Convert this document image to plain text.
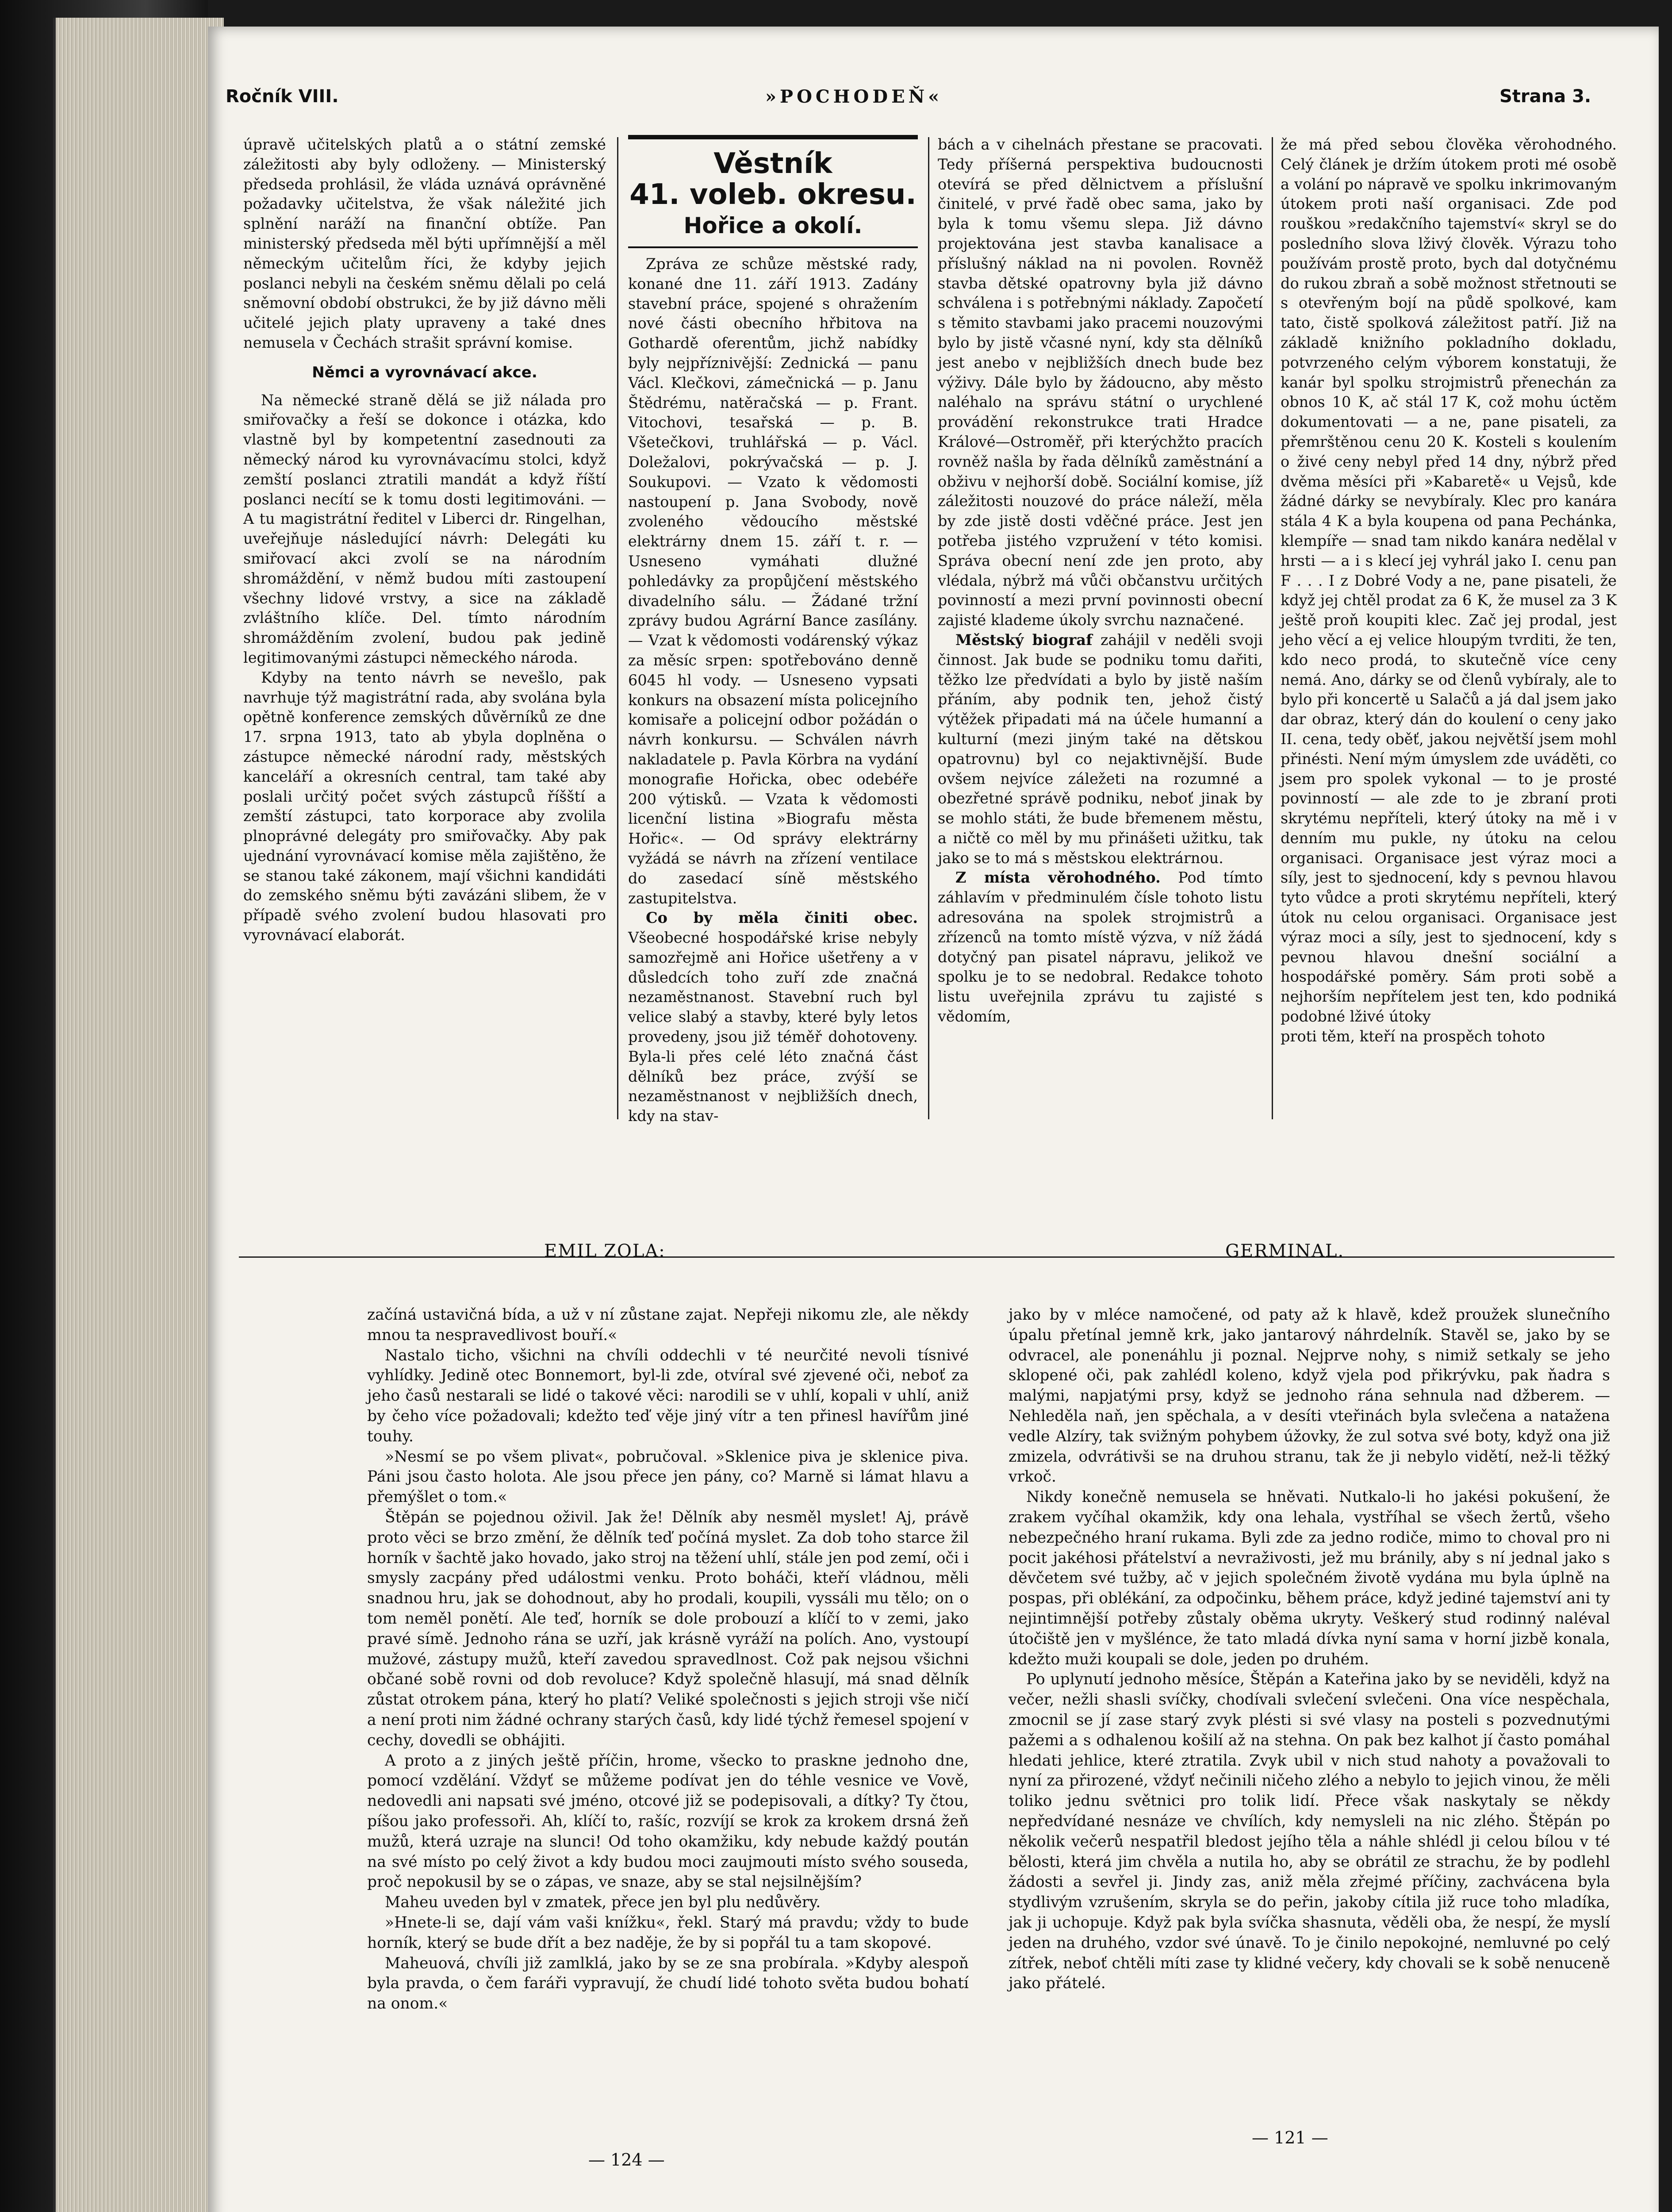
Ročník VIII.	»POCHODEŇ«	Strana 3.

úpravě učitelských platů a o státní zemské záležitosti aby byly odloženy. — Ministerský předseda prohlásil, že vláda uznává oprávněné požadavky učitelstva, že však náležité jich splnění naráží na finanční obtíže. Pan ministerský předseda měl býti upřímnější a měl německým učitelům říci, že kdyby jejich poslanci nebyli na českém sněmu dělali po celá sněmovní období obstrukci, že by již dávno měli učitelé jejich platy upraveny a také dnes nemusela v Čechách strašit správní komise.

Němci a vyrovnávací akce.

Na německé straně dělá se již nálada pro smiřovačky a řeší se dokonce i otázka, kdo vlastně byl by kompetentní zasednouti za německý národ ku vyrovnávacímu stolci, když zemští poslanci ztratili mandát a když říští poslanci necítí se k tomu dosti legitimováni. — A tu magistrátní ředitel v Liberci dr. Ringelhan, uveřejňuje následující návrh: Delegáti ku smiřovací akci zvolí se na národním shromáždění, v němž budou míti zastoupení všechny lidové vrstvy, a sice na základě zvláštního klíče. Del. tímto národním shromážděním zvolení, budou pak jedině legitimovanými zástupci německého národa.

Kdyby na tento návrh se nevešlo, pak navrhuje týž magistrátní rada, aby svolána byla opětně konference zemských důvěrníků ze dne 17. srpna 1913, tato ab ybyla doplněna o zástupce německé národní rady, městských kanceláří a okresních central, tam také aby poslali určitý počet svých zástupců říšští a zemští zástupci, tato korporace aby zvolila plnoprávné delegáty pro smiřovačky. Aby pak ujednání vyrovnávací komise měla zajištěno, že se stanou také zákonem, mají všichni kandidáti do zemského sněmu býti zavázáni slibem, že v případě svého zvolení budou hlasovati pro vyrovnávací elaborát.

Věstník
41. voleb. okresu.
Hořice a okolí.

Zpráva ze schůze městské rady, konané dne 11. září 1913. Zadány stavební práce, spojené s ohražením nové části obecního hřbitova na Gothardě oferentům, jichž nabídky byly nejpříznivější: Zednická — panu Václ. Klečkovi, zámečnická — p. Janu Štědrému, natěračská — p. Frant. Vitochovi, tesařská — p. B. Všetečkovi, truhlářská — p. Václ. Doležalovi, pokrývačská — p. J. Soukupovi. — Vzato k vědomosti nastoupení p. Jana Svobody, nově zvoleného vědoucího městské elektrárny dnem 15. září t. r. — Usneseno vymáhati dlužné pohledávky za propůjčení městského divadelního sálu. — Žádané tržní zprávy budou Agrární Bance zasílány. — Vzat k vědomosti vodárenský výkaz za měsíc srpen: spotřebováno denně 6045 hl vody. — Usneseno vypsati konkurs na obsazení místa policejního komisaře a policejní odbor požádán o návrh konkursu. — Schválen návrh nakladatele p. Pavla Körbra na vydání monografie Hořicka, obec odebéře 200 výtisků. — Vzata k vědomosti licenční listina »Biografu města Hořic«. — Od správy elektrárny vyžádá se návrh na zřízení ventilace do zasedací síně městského zastupitelstva.

Co by měla činiti obec. Všeobecné hospodářské krise nebyly samozřejmě ani Hořice ušetřeny a v důsledcích toho zuří zde značná nezaměstnanost. Stavební ruch byl velice slabý a stavby, které byly letos provedeny, jsou již téměř dohotoveny. Byla-li přes celé léto značná část dělníků bez práce, zvýší se nezaměstnanost v nejbližších dnech, kdy na stav-

bách a v cihelnách přestane se pracovati. Tedy příšerná perspektiva budoucnosti otevírá se před dělnictvem a příslušní činitelé, v prvé řadě obec sama, jako by byla k tomu všemu slepa. Již dávno projektována jest stavba kanalisace a příslušný náklad na ni povolen. Rovněž stavba dětské opatrovny byla již dávno schválena i s potřebnými náklady. Započetí s těmito stavbami jako pracemi nouzovými bylo by jistě včasné nyní, kdy sta dělníků jest anebo v nejbližších dnech bude bez výživy. Dále bylo by žádoucno, aby město naléhalo na správu státní o urychlené provádění rekonstrukce trati Hradce Králové—Ostroměř, při kterýchžto pracích rovněž našla by řada dělníků zaměstnání a obživu v nejhorší době. Sociální komise, jíž záležitosti nouzové do práce náleží, měla by zde jistě dosti vděčné práce. Jest jen potřeba jistého vzpružení v této komisi. Správa obecní není zde jen proto, aby vlédala, nýbrž má vůči občanstvu určitých povinností a mezi první povinnosti obecní zajisté klademe úkoly svrchu naznačené.

Městský biograf zahájil v neděli svoji činnost. Jak bude se podniku tomu dařiti, těžko lze předvídati a bylo by jistě naším přáním, aby podnik ten, jehož čistý výtěžek připadati má na účele humanní a kulturní (mezi jiným také na dětskou opatrovnu) byl co nejaktivnější. Bude ovšem nejvíce záležeti na rozumné a obezřetné správě podniku, neboť jinak by se mohlo státi, že bude břemenem městu, a ničtě co měl by mu přinášeti užitku, tak jako se to má s městskou elektrárnou.

Z místa věrohodného. Pod tímto záhlavím v předminulém čísle tohoto listu adresována na spolek strojmistrů a zřízenců na tomto místě výzva, v níž žádá dotyčný pan pisatel nápravu, jelikož ve spolku je to se nedobral. Redakce tohoto listu uveřejnila zprávu tu zajisté s vědomím,

že má před sebou člověka věrohodného. Celý článek je držím útokem proti mé osobě a volání po nápravě ve spolku inkrimovaným útokem proti naší organisaci. Zde pod rouškou »redakčního tajemství« skryl se do posledního slova lživý člověk. Výrazu toho používám prostě proto, bych dal dotyčnému do rukou zbraň a sobě možnost střetnouti se s otevřeným bojí na půdě spolkové, kam tato, čistě spolková záležitost patří. Již na základě knižního pokladního dokladu, potvrzeného celým výborem konstatuji, že kanár byl spolku strojmistrů přenechán za obnos 10 K, ač stál 17 K, což mohu úctěm dokumentovati — a ne, pane pisateli, za přemrštěnou cenu 20 K. Kosteli s koulením o živé ceny nebyl před 14 dny, nýbrž před dvěma měsíci při »Kabaretě« u Vejsů, kde žádné dárky se nevybíraly. Klec pro kanára stála 4 K a byla koupena od pana Pechánka, klempíře — snad tam nikdo kanára nedělal v hrsti — a i s klecí jej vyhrál jako I. cenu pan F . . . I z Dobré Vody a ne, pane pisateli, že když jej chtěl prodat za 6 K, že musel za 3 K ještě proň koupiti klec. Zač jej prodal, jest jeho věcí a ej velice hloupým tvrditi, že ten, kdo neco prodá, to skutečně více ceny nemá. Ano, dárky se od členů vybíraly, ale to bylo při koncertě u Salačů a já dal jsem jako dar obraz, který dán do koulení o ceny jako II. cena, tedy oběť, jakou největší jsem mohl přinésti. Není mým úmyslem zde uváděti, co jsem pro spolek vykonal — to je prosté povinností — ale zde to je zbraní proti skrytému nepříteli, který útoky na mě i v denním mu pukle, ny útoku na celou organisaci. Organisace jest výraz moci a síly, jest to sjednocení, kdy s pevnou hlavou tyto vůdce a proti skrytému nepříteli, který útok nu celou organisaci. Organisace jest výraz moci a síly, jest to sjednocení, kdy s pevnou hlavou dnešní sociální a hospodářské poměry. Sám proti sobě a nejhorším nepřítelem jest ten, kdo podniká podobné lživé útoky

proti těm, kteří na prospěch tohoto

EMIL ZOLA:	GERMINAL.

začíná ustavičná bída, a už v ní zůstane zajat. Nepřeji nikomu zle, ale někdy mnou ta nespravedlivost bouří.«

Nastalo ticho, všichni na chvíli oddechli v té neurčité nevoli tísnivé vyhlídky. Jedině otec Bonnemort, byl-li zde, otvíral své zjevené oči, neboť za jeho časů nestarali se lidé o takové věci: narodili se v uhlí, kopali v uhlí, aniž by čeho více požadovali; kdežto teď věje jiný vítr a ten přinesl havířům jiné touhy.

»Nesmí se po všem plivat«, pobručoval. »Sklenice piva je sklenice piva. Páni jsou často holota. Ale jsou přece jen pány, co? Marně si lámat hlavu a přemýšlet o tom.«

Štěpán se pojednou oživil. Jak že! Dělník aby nesměl myslet! Aj, právě proto věci se brzo změní, že dělník teď počíná myslet. Za dob toho starce žil horník v šachtě jako hovado, jako stroj na těžení uhlí, stále jen pod zemí, oči i smysly zacpány před událostmi venku. Proto boháči, kteří vládnou, měli snadnou hru, jak se dohodnout, aby ho prodali, koupili, vyssáli mu tělo; on o tom neměl ponětí. Ale teď, horník se dole probouzí a klíčí to v zemi, jako pravé símě. Jednoho rána se uzří, jak krásně vyráží na polích. Ano, vystoupí mužové, zástupy mužů, kteří zavedou spravedlnost. Což pak nejsou všichni občané sobě rovni od dob revoluce? Když společně hlasují, má snad dělník zůstat otrokem pána, který ho platí? Veliké společnosti s jejich stroji vše ničí a není proti nim žádné ochrany starých časů, kdy lidé týchž řemesel spojení v cechy, dovedli se obhájiti.

A proto a z jiných ještě příčin, hrome, všecko to praskne jednoho dne, pomocí vzdělání. Vždyť se můžeme podívat jen do téhle vesnice ve Vově, nedovedli ani napsati své jméno, otcové již se podepisovali, a dítky? Ty čtou, píšou jako professoři. Ah, klíčí to, rašíc, rozvíjí se krok za krokem drsná žeň mužů, která uzraje na slunci! Od toho okamžiku, kdy nebude každý poután na své místo po celý život a kdy budou moci zaujmouti místo svého souseda, proč nepokusil by se o zápas, ve snaze, aby se stal nejsilnějším?

Maheu uveden byl v zmatek, přece jen byl plu nedůvěry.

»Hnete-li se, dají vám vaši knížku«, řekl. Starý má pravdu; vždy to bude horník, který se bude dřít a bez naděje, že by si popřál tu a tam skopové.

Maheuová, chvíli již zamlklá, jako by se ze sna probírala. »Kdyby alespoň byla pravda, o čem faráři vypravují, že chudí lidé tohoto světa budou bohatí na onom.«

jako by v mléce namočené, od paty až k hlavě, kdež proužek slunečního úpalu přetínal jemně krk, jako jantarový náhrdelník. Stavěl se, jako by se odvracel, ale ponenáhlu ji poznal. Nejprve nohy, s nimiž setkaly se jeho sklopené oči, pak zahlédl koleno, když vjela pod přikrývku, pak ňadra s malými, napjatými prsy, když se jednoho rána sehnula nad džberem. — Nehleděla naň, jen spěchala, a v desíti vteřinách byla svlečena a natažena vedle Alzíry, tak svižným pohybem úžovky, že zul sotva své boty, když ona již zmizela, odvrátivši se na druhou stranu, tak že ji nebylo vidětí, než-li těžký vrkoč.

Nikdy konečně nemusela se hněvati. Nutkalo-li ho jakési pokušení, že zrakem vyčíhal okamžik, kdy ona lehala, vystříhal se všech žertů, všeho nebezpečného hraní rukama. Byli zde za jedno rodiče, mimo to choval pro ni pocit jakéhosi přátelství a nevraživosti, jež mu bránily, aby s ní jednal jako s děvčetem své tužby, ač v jejich společném životě vydána mu byla úplně na pospas, při oblékání, za odpočinku, během práce, když jediné tajemství ani ty nejintimnější potřeby zůstaly oběma ukryty. Veškerý stud rodinný naléval útočiště jen v myšlénce, že tato mladá dívka nyní sama v horní jizbě konala, kdežto muži koupali se dole, jeden po druhém.

Po uplynutí jednoho měsíce, Štěpán a Kateřina jako by se neviděli, když na večer, nežli shasli svíčky, chodívali svlečení svlečeni. Ona více nespěchala, zmocnil se jí zase starý zvyk plésti si své vlasy na posteli s pozvednutými pažemi a s odhalenou košilí až na stehna. On pak bez kalhot jí často pomáhal hledati jehlice, které ztratila. Zvyk ubil v nich stud nahoty a považovali to nyní za přirozené, vždyť nečinili ničeho zlého a nebylo to jejich vinou, že měli toliko jednu světnici pro tolik lidí. Přece však naskytaly se někdy nepředvídané nesnáze ve chvílích, kdy nemysleli na nic zlého. Štěpán po několik večerů nespatřil bledost jejího těla a náhle shlédl ji celou bílou v té bělosti, která jim chvěla a nutila ho, aby se obrátil ze strachu, že by podlehl žádosti a sevřel ji. Jindy zas, aniž měla zřejmé příčiny, zachvácena byla stydlivým vzrušením, skryla se do peřin, jakoby cítila již ruce toho mladíka, jak ji uchopuje. Když pak byla svíčka shasnuta, věděli oba, že nespí, že myslí jeden na druhého, vzdor své únavě. To je činilo nepokojné, nemluvné po celý zítřek, neboť chtěli míti zase ty klidné večery, kdy chovali se k sobě nenuceně jako přátelé.

— 124 —
— 121 —
